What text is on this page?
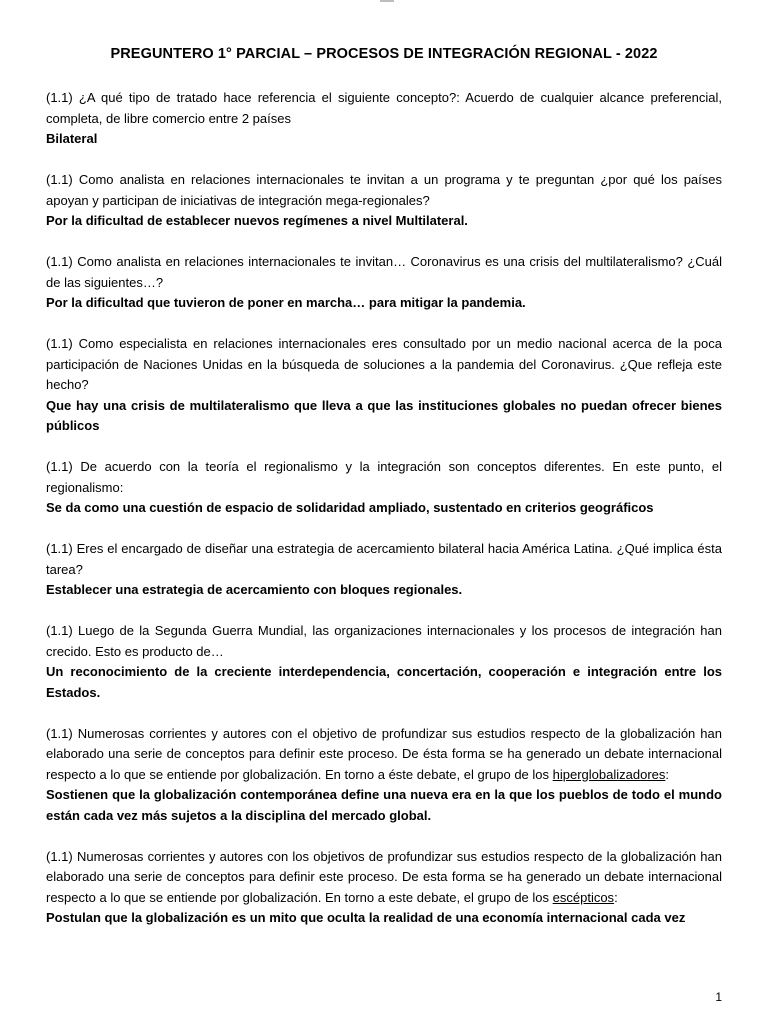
PREGUNTERO 1° PARCIAL – PROCESOS DE INTEGRACIÓN REGIONAL - 2022

(1.1) ¿A qué tipo de tratado hace referencia el siguiente concepto?: Acuerdo de cualquier alcance preferencial, completa, de libre comercio entre 2 países

Bilateral

(1.1) Como analista en relaciones internacionales te invitan a un programa y te preguntan ¿por qué los países apoyan y participan de iniciativas de integración mega-regionales?

Por la dificultad de establecer nuevos regímenes a nivel Multilateral.

(1.1) Como analista en relaciones internacionales te invitan… Coronavirus es una crisis del multilateralismo? ¿Cuál de las siguientes…?

Por la dificultad que tuvieron de poner en marcha… para mitigar la pandemia.

(1.1) Como especialista en relaciones internacionales eres consultado por un medio nacional acerca de la poca participación de Naciones Unidas en la búsqueda de soluciones a la pandemia del Coronavirus. ¿Que refleja este hecho?

Que hay una crisis de multilateralismo que lleva a que las instituciones globales no puedan ofrecer bienes públicos

(1.1) De acuerdo con la teoría el regionalismo y la integración son conceptos diferentes. En este punto, el regionalismo:

Se da como una cuestión de espacio de solidaridad ampliado, sustentado en criterios geográficos

(1.1) Eres el encargado de diseñar una estrategia de acercamiento bilateral hacia América Latina. ¿Qué implica ésta tarea?

Establecer una estrategia de acercamiento con bloques regionales.

(1.1) Luego de la Segunda Guerra Mundial, las organizaciones internacionales y los procesos de integración han crecido. Esto es producto de…

Un reconocimiento de la creciente interdependencia, concertación, cooperación e integración entre los Estados.

(1.1) Numerosas corrientes y autores con el objetivo de profundizar sus estudios respecto de la globalización han elaborado una serie de conceptos para definir este proceso. De ésta forma se ha generado un debate internacional respecto a lo que se entiende por globalización. En torno a éste debate, el grupo de los hiperglobalizadores:

Sostienen que la globalización contemporánea define una nueva era en la que los pueblos de todo el mundo están cada vez más sujetos a la disciplina del mercado global.

(1.1) Numerosas corrientes y autores con los objetivos de profundizar sus estudios respecto de la globalización han elaborado una serie de conceptos para definir este proceso. De esta forma se ha generado un debate internacional respecto a lo que se entiende por globalización. En torno a este debate, el grupo de los escépticos:

Postulan que la globalización es un mito que oculta la realidad de una economía internacional cada vez

1
